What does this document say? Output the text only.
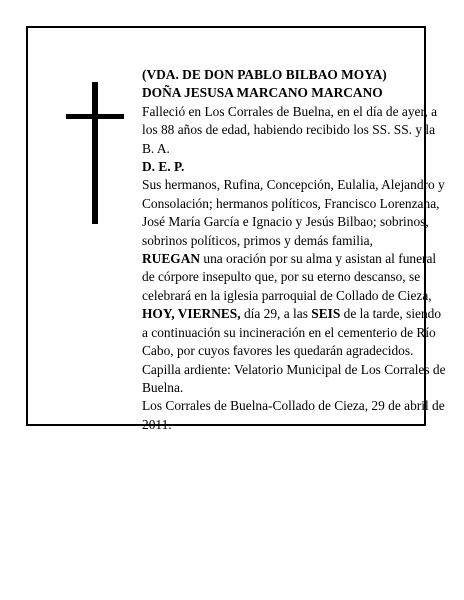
(VDA. DE DON PABLO BILBAO MOYA)

DOÑA JESUSA MARCANO MARCANO

Falleció en Los Corrales de Buelna, en el día de ayer, a los 88 años de edad, habiendo recibido los SS. SS. y la B. A.

D. E. P.

Sus hermanos, Rufina, Concepción, Eulalia, Alejandro y Consolación; hermanos políticos, Francisco Lorenzana, José María García e Ignacio y Jesús Bilbao; sobrinos, sobrinos políticos, primos y demás familia,

RUEGAN una oración por su alma y asistan al funeral de córpore insepulto que, por su eterno descanso, se celebrará en la iglesia parroquial de Collado de Cieza,

HOY, VIERNES, día 29, a las SEIS de la tarde, siendo a continuación su incineración en el cementerio de Río Cabo, por cuyos favores les quedarán agradecidos.

Capilla ardiente: Velatorio Municipal de Los Corrales de Buelna.

Los Corrales de Buelna-Collado de Cieza, 29 de abril de 2011.
